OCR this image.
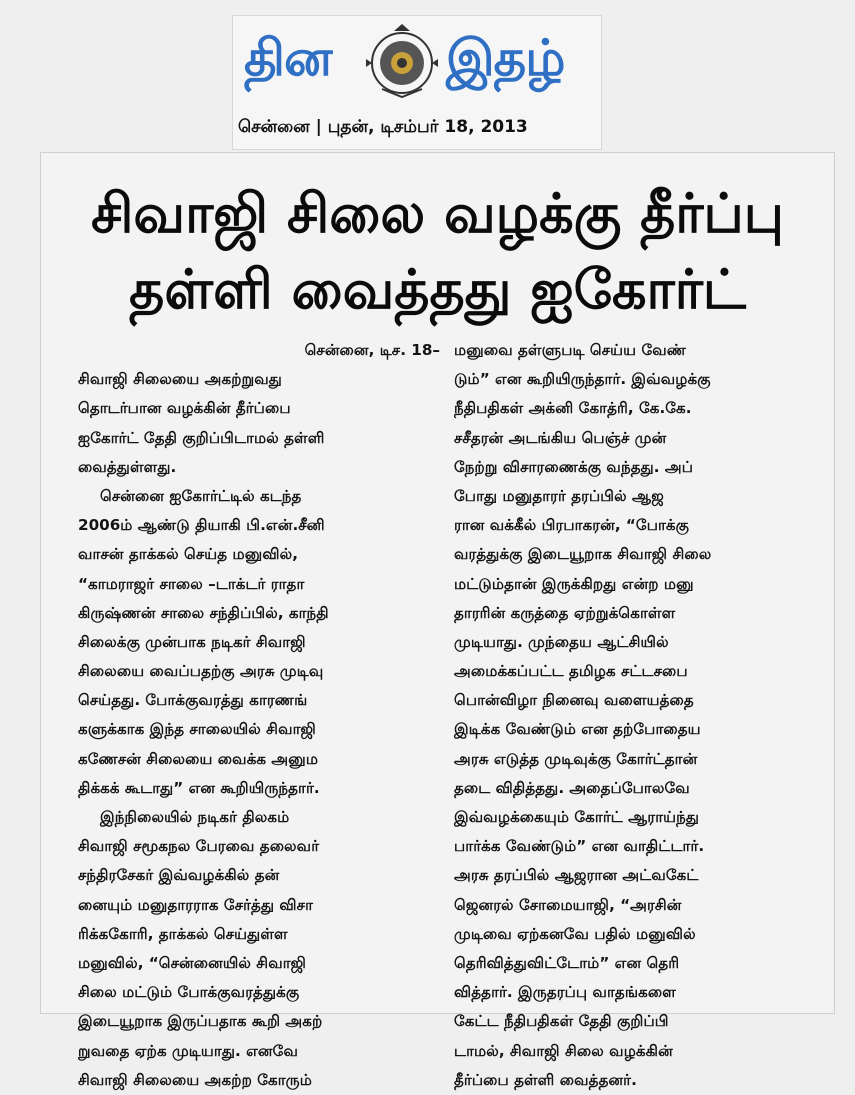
தின இதழ்
சென்னை | புதன், டிசம்பர் 18, 2013
சிவாஜி சிலை வழக்கு தீர்ப்பு
தள்ளி வைத்தது ஐகோர்ட்
சென்னை, டிச. 18–
சிவாஜி சிலையை அகற்றுவது
தொடர்பான வழக்கின் தீர்ப்பை
ஐகோர்ட் தேதி குறிப்பிடாமல் தள்ளி
வைத்துள்ளது.
சென்னை ஐகோர்ட்டில் கடந்த
2006ம் ஆண்டு தியாகி பி.என்.சீனி
வாசன் தாக்கல் செய்த மனுவில்,
“காமராஜர் சாலை –டாக்டர் ராதா
கிருஷ்ணன் சாலை சந்திப்பில், காந்தி
சிலைக்கு முன்பாக நடிகர் சிவாஜி
சிலையை வைப்பதற்கு அரசு முடிவு
செய்தது. போக்குவரத்து காரணங்
களுக்காக இந்த சாலையில் சிவாஜி
கணேசன் சிலையை வைக்க அனும
திக்கக் கூடாது” என கூறியிருந்தார்.
இந்நிலையில் நடிகர் திலகம்
சிவாஜி சமூகநல பேரவை தலைவர்
சந்திரசேகர் இவ்வழக்கில் தன்
னையும் மனுதாரராக சேர்த்து விசா
ரிக்ககோரி, தாக்கல் செய்துள்ள
மனுவில், “சென்னையில் சிவாஜி
சிலை மட்டும் போக்குவரத்துக்கு
இடையூறாக இருப்பதாக கூறி அகற்
றுவதை ஏற்க முடியாது. எனவே
சிவாஜி சிலையை அகற்ற கோரும்
மனுவை தள்ளுபடி செய்ய வேண்
டும்” என கூறியிருந்தார். இவ்வழக்கு
நீதிபதிகள் அக்னி கோத்ரி, கே.கே.
சசீதரன் அடங்கிய பெஞ்ச் முன்
நேற்று விசாரணைக்கு வந்தது. அப்
போது மனுதாரர் தரப்பில் ஆஜ
ரான வக்கீல் பிரபாகரன், “போக்கு
வரத்துக்கு இடையூறாக சிவாஜி சிலை
மட்டும்தான் இருக்கிறது என்ற மனு
தாரரின் கருத்தை ஏற்றுக்கொள்ள
முடியாது. முந்தைய ஆட்சியில்
அமைக்கப்பட்ட தமிழக சட்டசபை
பொன்விழா நினைவு வளையத்தை
இடிக்க வேண்டும் என தற்போதைய
அரசு எடுத்த முடிவுக்கு கோர்ட்தான்
தடை விதித்தது. அதைப்போலவே
இவ்வழக்கையும் கோர்ட் ஆராய்ந்து
பார்க்க வேண்டும்” என வாதிட்டார்.
அரசு தரப்பில் ஆஜரான அட்வகேட்
ஜெனரல் சோமையாஜி, “அரசின்
முடிவை ஏற்கனவே பதில் மனுவில்
தெரிவித்துவிட்டோம்” என தெரி
வித்தார். இருதரப்பு வாதங்களை
கேட்ட நீதிபதிகள் தேதி குறிப்பி
டாமல், சிவாஜி சிலை வழக்கின்
தீர்ப்பை தள்ளி வைத்தனர்.
